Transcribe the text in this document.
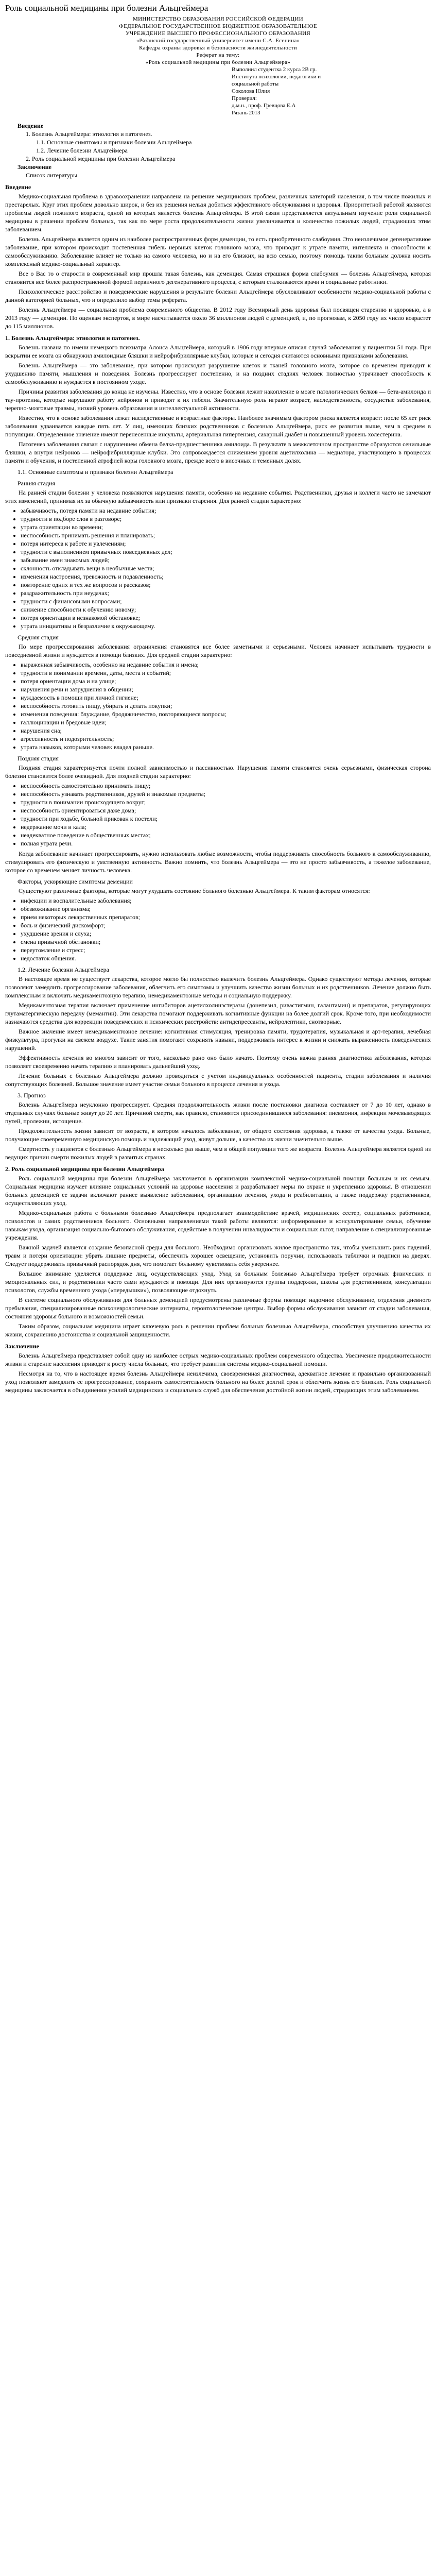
Роль социальной медицины при болезни Альцгеймера

МИНИСТЕРСТВО ОБРАЗОВАНИЯ РОССИЙСКОЙ ФЕДЕРАЦИИ

ФЕДЕРАЛЬНОЕ ГОСУДАРСТВЕННОЕ БЮДЖЕТНОЕ ОБРАЗОВАТЕЛЬНОЕ

УЧРЕЖДЕНИЕ ВЫСШЕГО ПРОФЕССИОНАЛЬНОГО ОБРАЗОВАНИЯ

«Рязанский государственный университет имени С.А. Есенина»

Кафедра охраны здоровья и безопасности жизнедеятельности

Реферат на тему:

«Роль социальной медицины при болезни Альцгеймера»

Выполнил студентка 2 курса 2В гр.
Института психологии, педагогики и
социальной работы
Соколова Юлия
Проверил:
д.м.н., проф. Гревцова Е.А
Рязань 2013
Введение
1. Болезнь Альцгеймера: этиология и патогенез.
1.1. Основные симптомы и признаки болезни Альцгеймера
1.2. Лечение болезни Альцгеймера
2. Роль социальной медицины при болезни Альцгеймера
Заключение
Список литературы
Введение

Медико-социальная проблема в здравоохранении направлена на решение медицинских проблем, различных категорий населения, в том числе пожилых и престарелых. Круг этих проблем довольно широк, и без их решения нельзя добиться эффективного обслуживания и здоровья. Приоритетной работой являются проблемы людей пожилого возраста, одной из которых является болезнь Альцгеймера. В этой связи представляется актуальным изучение роли социальной медицины в решении проблем больных, так как по мере роста продолжительности жизни увеличивается и количество пожилых людей, страдающих этим заболеванием.

Болезнь Альцгеймера является одним из наиболее распространенных форм деменции, то есть приобретенного слабоумия. Это неизлечимое дегенеративное заболевание, при котором происходит постепенная гибель нервных клеток головного мозга, что приводит к утрате памяти, интеллекта и способности к самообслуживанию. Заболевание влияет не только на самого человека, но и на его близких, на всю семью, поэтому помощь таким больным должна носить комплексный медико-социальный характер.

Все о Вас то о старости в современный мир прошла такая болезнь, как деменция. Самая страшная форма слабоумия — болезнь Альцгеймера, которая становится все более распространенной формой первичного дегенеративного процесса, с которым сталкиваются врачи и социальные работники.

Психологическое расстройство и поведенческие нарушения в результате болезни Альцгеймера обусловливают особенности медико-социальной работы с данной категорией больных, что и определило выбор темы реферата.

Болезнь Альцгеймера — социальная проблема современного общества. В 2012 году Всемирный день здоровья был посвящен старению и здоровью, а в 2013 году — деменции. По оценкам экспертов, в мире насчитывается около 36 миллионов людей с деменцией, и, по прогнозам, к 2050 году их число возрастет до 115 миллионов.

1. Болезнь Альцгеймера: этиология и патогенез.

Болезнь названа по имени немецкого психиатра Алоиса Альцгеймера, который в 1906 году впервые описал случай заболевания у пациентки 51 года. При вскрытии ее мозга он обнаружил амилоидные бляшки и нейрофибриллярные клубки, которые и сегодня считаются основными признаками заболевания.

Болезнь Альцгеймера — это заболевание, при котором происходит разрушение клеток и тканей головного мозга, которое со временем приводит к ухудшению памяти, мышления и поведения. Болезнь прогрессирует постепенно, и на поздних стадиях человек полностью утрачивает способность к самообслуживанию и нуждается в постоянном уходе.

Причины развития заболевания до конца не изучены. Известно, что в основе болезни лежит накопление в мозге патологических белков — бета-амилоида и тау-протеина, которые нарушают работу нейронов и приводят к их гибели. Значительную роль играют возраст, наследственность, сосудистые заболевания, черепно-мозговые травмы, низкий уровень образования и интеллектуальной активности.

Известно, что в основе заболевания лежат наследственные и возрастные факторы. Наиболее значимым фактором риска является возраст: после 65 лет риск заболевания удваивается каждые пять лет. У лиц, имеющих близких родственников с болезнью Альцгеймера, риск ее развития выше, чем в среднем в популяции. Определенное значение имеют перенесенные инсульты, артериальная гипертензия, сахарный диабет и повышенный уровень холестерина.

Патогенез заболевания связан с нарушением обмена белка-предшественника амилоида. В результате в межклеточном пространстве образуются сенильные бляшки, а внутри нейронов — нейрофибриллярные клубки. Это сопровождается снижением уровня ацетилхолина — медиатора, участвующего в процессах памяти и обучения, и постепенной атрофией коры головного мозга, прежде всего в височных и теменных долях.

1.1. Основные симптомы и признаки болезни Альцгеймера
Ранняя стадия

На ранней стадии болезни у человека появляются нарушения памяти, особенно на недавние события. Родственники, друзья и коллеги часто не замечают этих изменений, принимая их за обычную забывчивость или признаки старения. Для ранней стадии характерно:

• забывчивость, потеря памяти на недавние события;
• трудности в подборе слов в разговоре;
• утрата ориентации во времени;
• неспособность принимать решения и планировать;
• потеря интереса к работе и увлечениям;
• трудности с выполнением привычных повседневных дел;
• забывание имен знакомых людей;
• склонность откладывать вещи в необычные места;
• изменения настроения, тревожность и подавленность;
• повторение одних и тех же вопросов и рассказов;
• раздражительность при неудачах;
• трудности с финансовыми вопросами;
• снижение способности к обучению новому;
• потеря ориентации в незнакомой обстановке;
• утрата инициативы и безразличие к окружающему.
Средняя стадия

По мере прогрессирования заболевания ограничения становятся все более заметными и серьезными. Человек начинает испытывать трудности в повседневной жизни и нуждается в помощи близких. Для средней стадии характерно:

• выраженная забывчивость, особенно на недавние события и имена;
• трудности в понимании времени, даты, места и событий;
• потеря ориентации дома и на улице;
• нарушения речи и затруднения в общении;
• нуждаемость в помощи при личной гигиене;
• неспособность готовить пищу, убирать и делать покупки;
• изменения поведения: блуждание, бродяжничество, повторяющиеся вопросы;
• галлюцинации и бредовые идеи;
• нарушения сна;
• агрессивность и подозрительность;
• утрата навыков, которыми человек владел раньше.
Поздняя стадия

Поздняя стадия характеризуется почти полной зависимостью и пассивностью. Нарушения памяти становятся очень серьезными, физическая сторона болезни становится более очевидной. Для поздней стадии характерно:

• неспособность самостоятельно принимать пищу;
• неспособность узнавать родственников, друзей и знакомые предметы;
• трудности в понимании происходящего вокруг;
• неспособность ориентироваться даже дома;
• трудности при ходьбе, больной прикован к постели;
• недержание мочи и кала;
• неадекватное поведение в общественных местах;
• полная утрата речи.

Когда заболевание начинает прогрессировать, нужно использовать любые возможности, чтобы поддерживать способность больного к самообслуживанию, стимулировать его физическую и умственную активность. Важно помнить, что болезнь Альцгеймера — это не просто забывчивость, а тяжелое заболевание, которое со временем меняет личность человека.

Факторы, ускоряющие симптомы деменции

Существуют различные факторы, которые могут ухудшать состояние больного болезнью Альцгеймера. К таким факторам относятся:

• инфекции и воспалительные заболевания;
• обезвоживание организма;
• прием некоторых лекарственных препаратов;
• боль и физический дискомфорт;
• ухудшение зрения и слуха;
• смена привычной обстановки;
• переутомление и стресс;
• недостаток общения.
1.2. Лечение болезни Альцгеймера

В настоящее время не существует лекарства, которое могло бы полностью вылечить болезнь Альцгеймера. Однако существуют методы лечения, которые позволяют замедлить прогрессирование заболевания, облегчить его симптомы и улучшить качество жизни больных и их родственников. Лечение должно быть комплексным и включать медикаментозную терапию, немедикаментозные методы и социальную поддержку.

Медикаментозная терапия включает применение ингибиторов ацетилхолинэстеразы (донепезил, ривастигмин, галантамин) и препаратов, регулирующих глутаматергическую передачу (мемантин). Эти лекарства помогают поддерживать когнитивные функции на более долгий срок. Кроме того, при необходимости назначаются средства для коррекции поведенческих и психических расстройств: антидепрессанты, нейролептики, снотворные.

Важное значение имеет немедикаментозное лечение: когнитивная стимуляция, тренировка памяти, трудотерапия, музыкальная и арт-терапия, лечебная физкультура, прогулки на свежем воздухе. Такие занятия помогают сохранять навыки, поддерживать интерес к жизни и снижать выраженность поведенческих нарушений.

Эффективность лечения во многом зависит от того, насколько рано оно было начато. Поэтому очень важна ранняя диагностика заболевания, которая позволяет своевременно начать терапию и планировать дальнейший уход.

Лечение больных с болезнью Альцгеймера должно проводиться с учетом индивидуальных особенностей пациента, стадии заболевания и наличия сопутствующих болезней. Большое значение имеет участие семьи больного в процессе лечения и ухода.

3. Прогноз

Болезнь Альцгеймера неуклонно прогрессирует. Средняя продолжительность жизни после постановки диагноза составляет от 7 до 10 лет, однако в отдельных случаях больные живут до 20 лет. Причиной смерти, как правило, становятся присоединившиеся заболевания: пневмония, инфекции мочевыводящих путей, пролежни, истощение.

Продолжительность жизни зависит от возраста, в котором началось заболевание, от общего состояния здоровья, а также от качества ухода. Больные, получающие своевременную медицинскую помощь и надлежащий уход, живут дольше, а качество их жизни значительно выше.

Смертность у пациентов с болезнью Альцгеймера в несколько раз выше, чем в общей популяции того же возраста. Болезнь Альцгеймера является одной из ведущих причин смерти пожилых людей в развитых странах.

2. Роль социальной медицины при болезни Альцгеймера

Роль социальной медицины при болезни Альцгеймера заключается в организации комплексной медико-социальной помощи больным и их семьям. Социальная медицина изучает влияние социальных условий на здоровье населения и разрабатывает меры по охране и укреплению здоровья. В отношении больных деменцией ее задачи включают раннее выявление заболевания, организацию лечения, ухода и реабилитации, а также поддержку родственников, осуществляющих уход.

Медико-социальная работа с больными болезнью Альцгеймера предполагает взаимодействие врачей, медицинских сестер, социальных работников, психологов и самих родственников больного. Основными направлениями такой работы являются: информирование и консультирование семьи, обучение навыкам ухода, организация социально-бытового обслуживания, содействие в получении инвалидности и социальных льгот, направление в специализированные учреждения.

Важной задачей является создание безопасной среды для больного. Необходимо организовать жилое пространство так, чтобы уменьшить риск падений, травм и потери ориентации: убрать лишние предметы, обеспечить хорошее освещение, установить поручни, использовать таблички и подписи на дверях. Следует поддерживать привычный распорядок дня, что помогает больному чувствовать себя увереннее.

Большое внимание уделяется поддержке лиц, осуществляющих уход. Уход за больным болезнью Альцгеймера требует огромных физических и эмоциональных сил, и родственники часто сами нуждаются в помощи. Для них организуются группы поддержки, школы для родственников, консультации психологов, службы временного ухода («передышки»), позволяющие отдохнуть.

В системе социального обслуживания для больных деменцией предусмотрены различные формы помощи: надомное обслуживание, отделения дневного пребывания, специализированные психоневрологические интернаты, геронтологические центры. Выбор формы обслуживания зависит от стадии заболевания, состояния здоровья больного и возможностей семьи.

Таким образом, социальная медицина играет ключевую роль в решении проблем больных болезнью Альцгеймера, способствуя улучшению качества их жизни, сохранению достоинства и социальной защищенности.

Заключение

Болезнь Альцгеймера представляет собой одну из наиболее острых медико-социальных проблем современного общества. Увеличение продолжительности жизни и старение населения приводят к росту числа больных, что требует развития системы медико-социальной помощи.

Несмотря на то, что в настоящее время болезнь Альцгеймера неизлечима, своевременная диагностика, адекватное лечение и правильно организованный уход позволяют замедлить ее прогрессирование, сохранить самостоятельность больного на более долгий срок и облегчить жизнь его близких. Роль социальной медицины заключается в объединении усилий медицинских и социальных служб для обеспечения достойной жизни людей, страдающих этим заболеванием.
